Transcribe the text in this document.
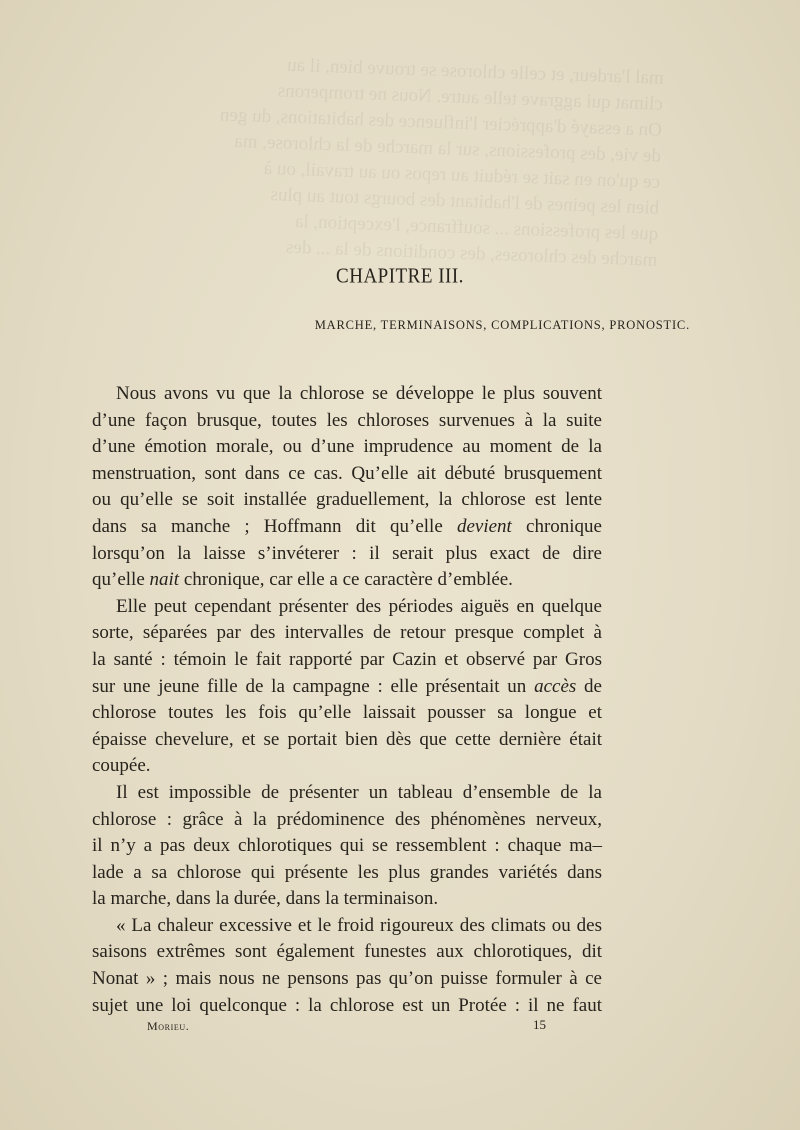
mal l'ardeur, et celle chlorose se trouve bien, il au
climat qui aggrave telle autre. Nous ne tromperons
On a essayé d'apprécier l'influence des habitations, du gen
de vie, des professions, sur la marche de la chlorose, ma
ce qu'on en sait se réduit au repos ou au travail, ou à
bien les peines de l'habitant des bourgs tout au plus
que les professions ... souffrance, l'exception, la
marche des chloroses, des conditions de la ... des
CHAPITRE III.
MARCHE, TERMINAISONS, COMPLICATIONS, PRONOSTIC.
Nous avons vu que la chlorose se développe le plus souvent
d’une façon brusque, toutes les chloroses survenues à la suite
d’une émotion morale, ou d’une imprudence au moment de la
menstruation, sont dans ce cas. Qu’elle ait débuté brusquement
ou qu’elle se soit installée graduellement, la chlorose est lente
dans sa manche ; Hoffmann dit qu’elle devient chronique
lorsqu’on la laisse s’invéterer : il serait plus exact de dire
qu’elle nait chronique, car elle a ce caractère d’emblée.
Elle peut cependant présenter des périodes aiguës en quelque
sorte, séparées par des intervalles de retour presque complet à
la santé : témoin le fait rapporté par Cazin et observé par Gros
sur une jeune fille de la campagne : elle présentait un accès de
chlorose toutes les fois qu’elle laissait pousser sa longue et
épaisse chevelure, et se portait bien dès que cette dernière était
coupée.
Il est impossible de présenter un tableau d’ensemble de la
chlorose : grâce à la prédominence des phénomènes nerveux,
il n’y a pas deux chlorotiques qui se ressemblent : chaque ma–
lade a sa chlorose qui présente les plus grandes variétés dans
la marche, dans la durée, dans la terminaison.
« La chaleur excessive et le froid rigoureux des climats ou des
saisons extrêmes sont également funestes aux chlorotiques, dit
Nonat » ; mais nous ne pensons pas qu’on puisse formuler à ce
sujet une loi quelconque : la chlorose est un Protée : il ne faut
Morieu.	15
